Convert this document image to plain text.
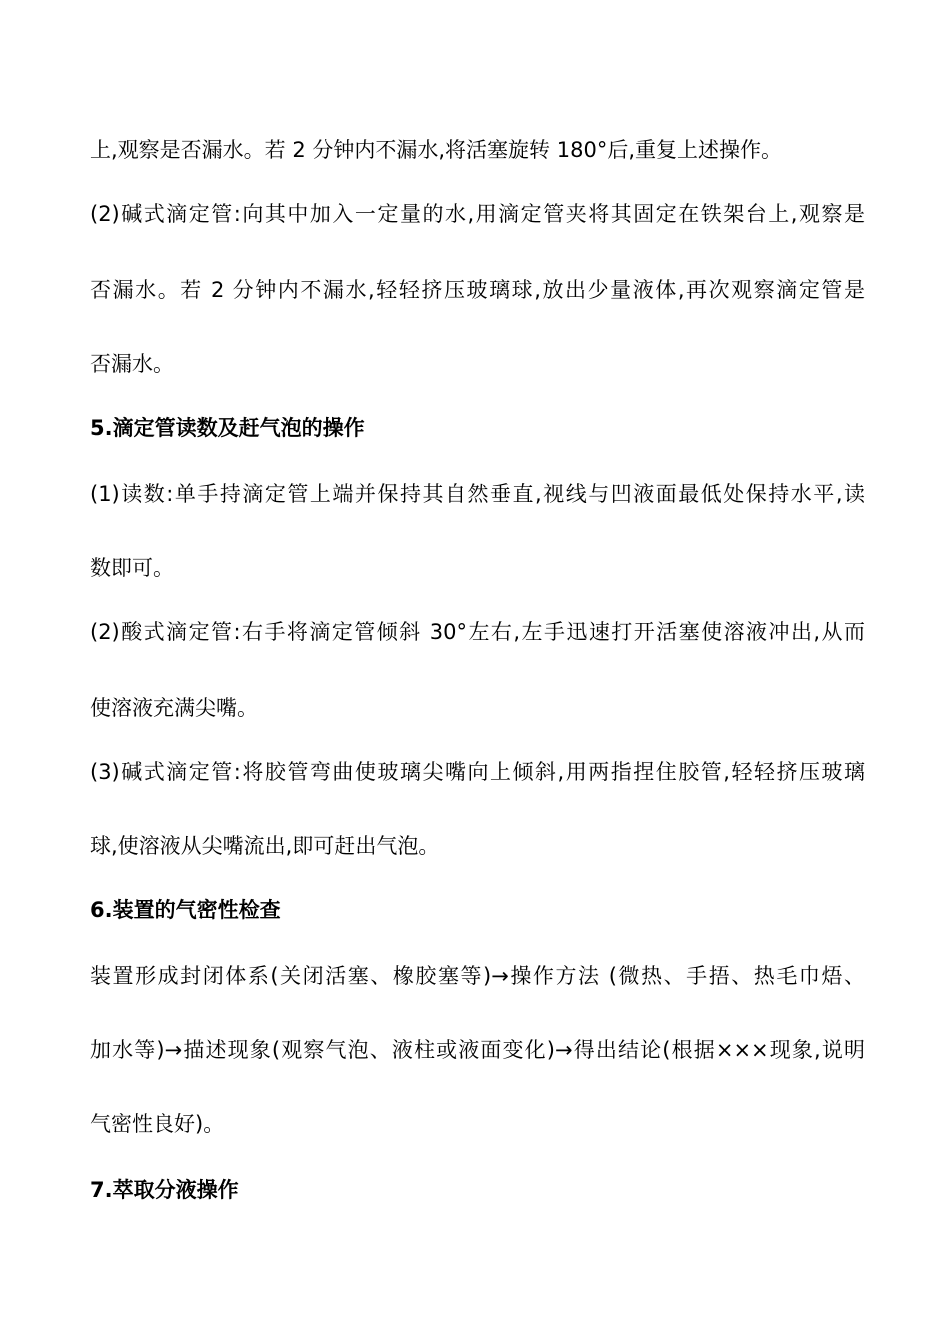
上,观察是否漏水。若 2 分钟内不漏水,将活塞旋转 180°后,重复上述操作。
(2)碱式滴定管:向其中加入一定量的水,用滴定管夹将其固定在铁架台上,观察是
否漏水。若 2 分钟内不漏水,轻轻挤压玻璃球,放出少量液体,再次观察滴定管是
否漏水。
5.滴定管读数及赶气泡的操作
(1)读数:单手持滴定管上端并保持其自然垂直,视线与凹液面最低处保持水平,读
数即可。
(2)酸式滴定管:右手将滴定管倾斜 30°左右,左手迅速打开活塞使溶液冲出,从而
使溶液充满尖嘴。
(3)碱式滴定管:将胶管弯曲使玻璃尖嘴向上倾斜,用两指捏住胶管,轻轻挤压玻璃
球,使溶液从尖嘴流出,即可赶出气泡。
6.装置的气密性检查
装置形成封闭体系(关闭活塞、橡胶塞等)→操作方法 (微热、手捂、热毛巾焐、
加水等)→描述现象(观察气泡、液柱或液面变化)→得出结论(根据×××现象,说明
气密性良好)。
7.萃取分液操作
